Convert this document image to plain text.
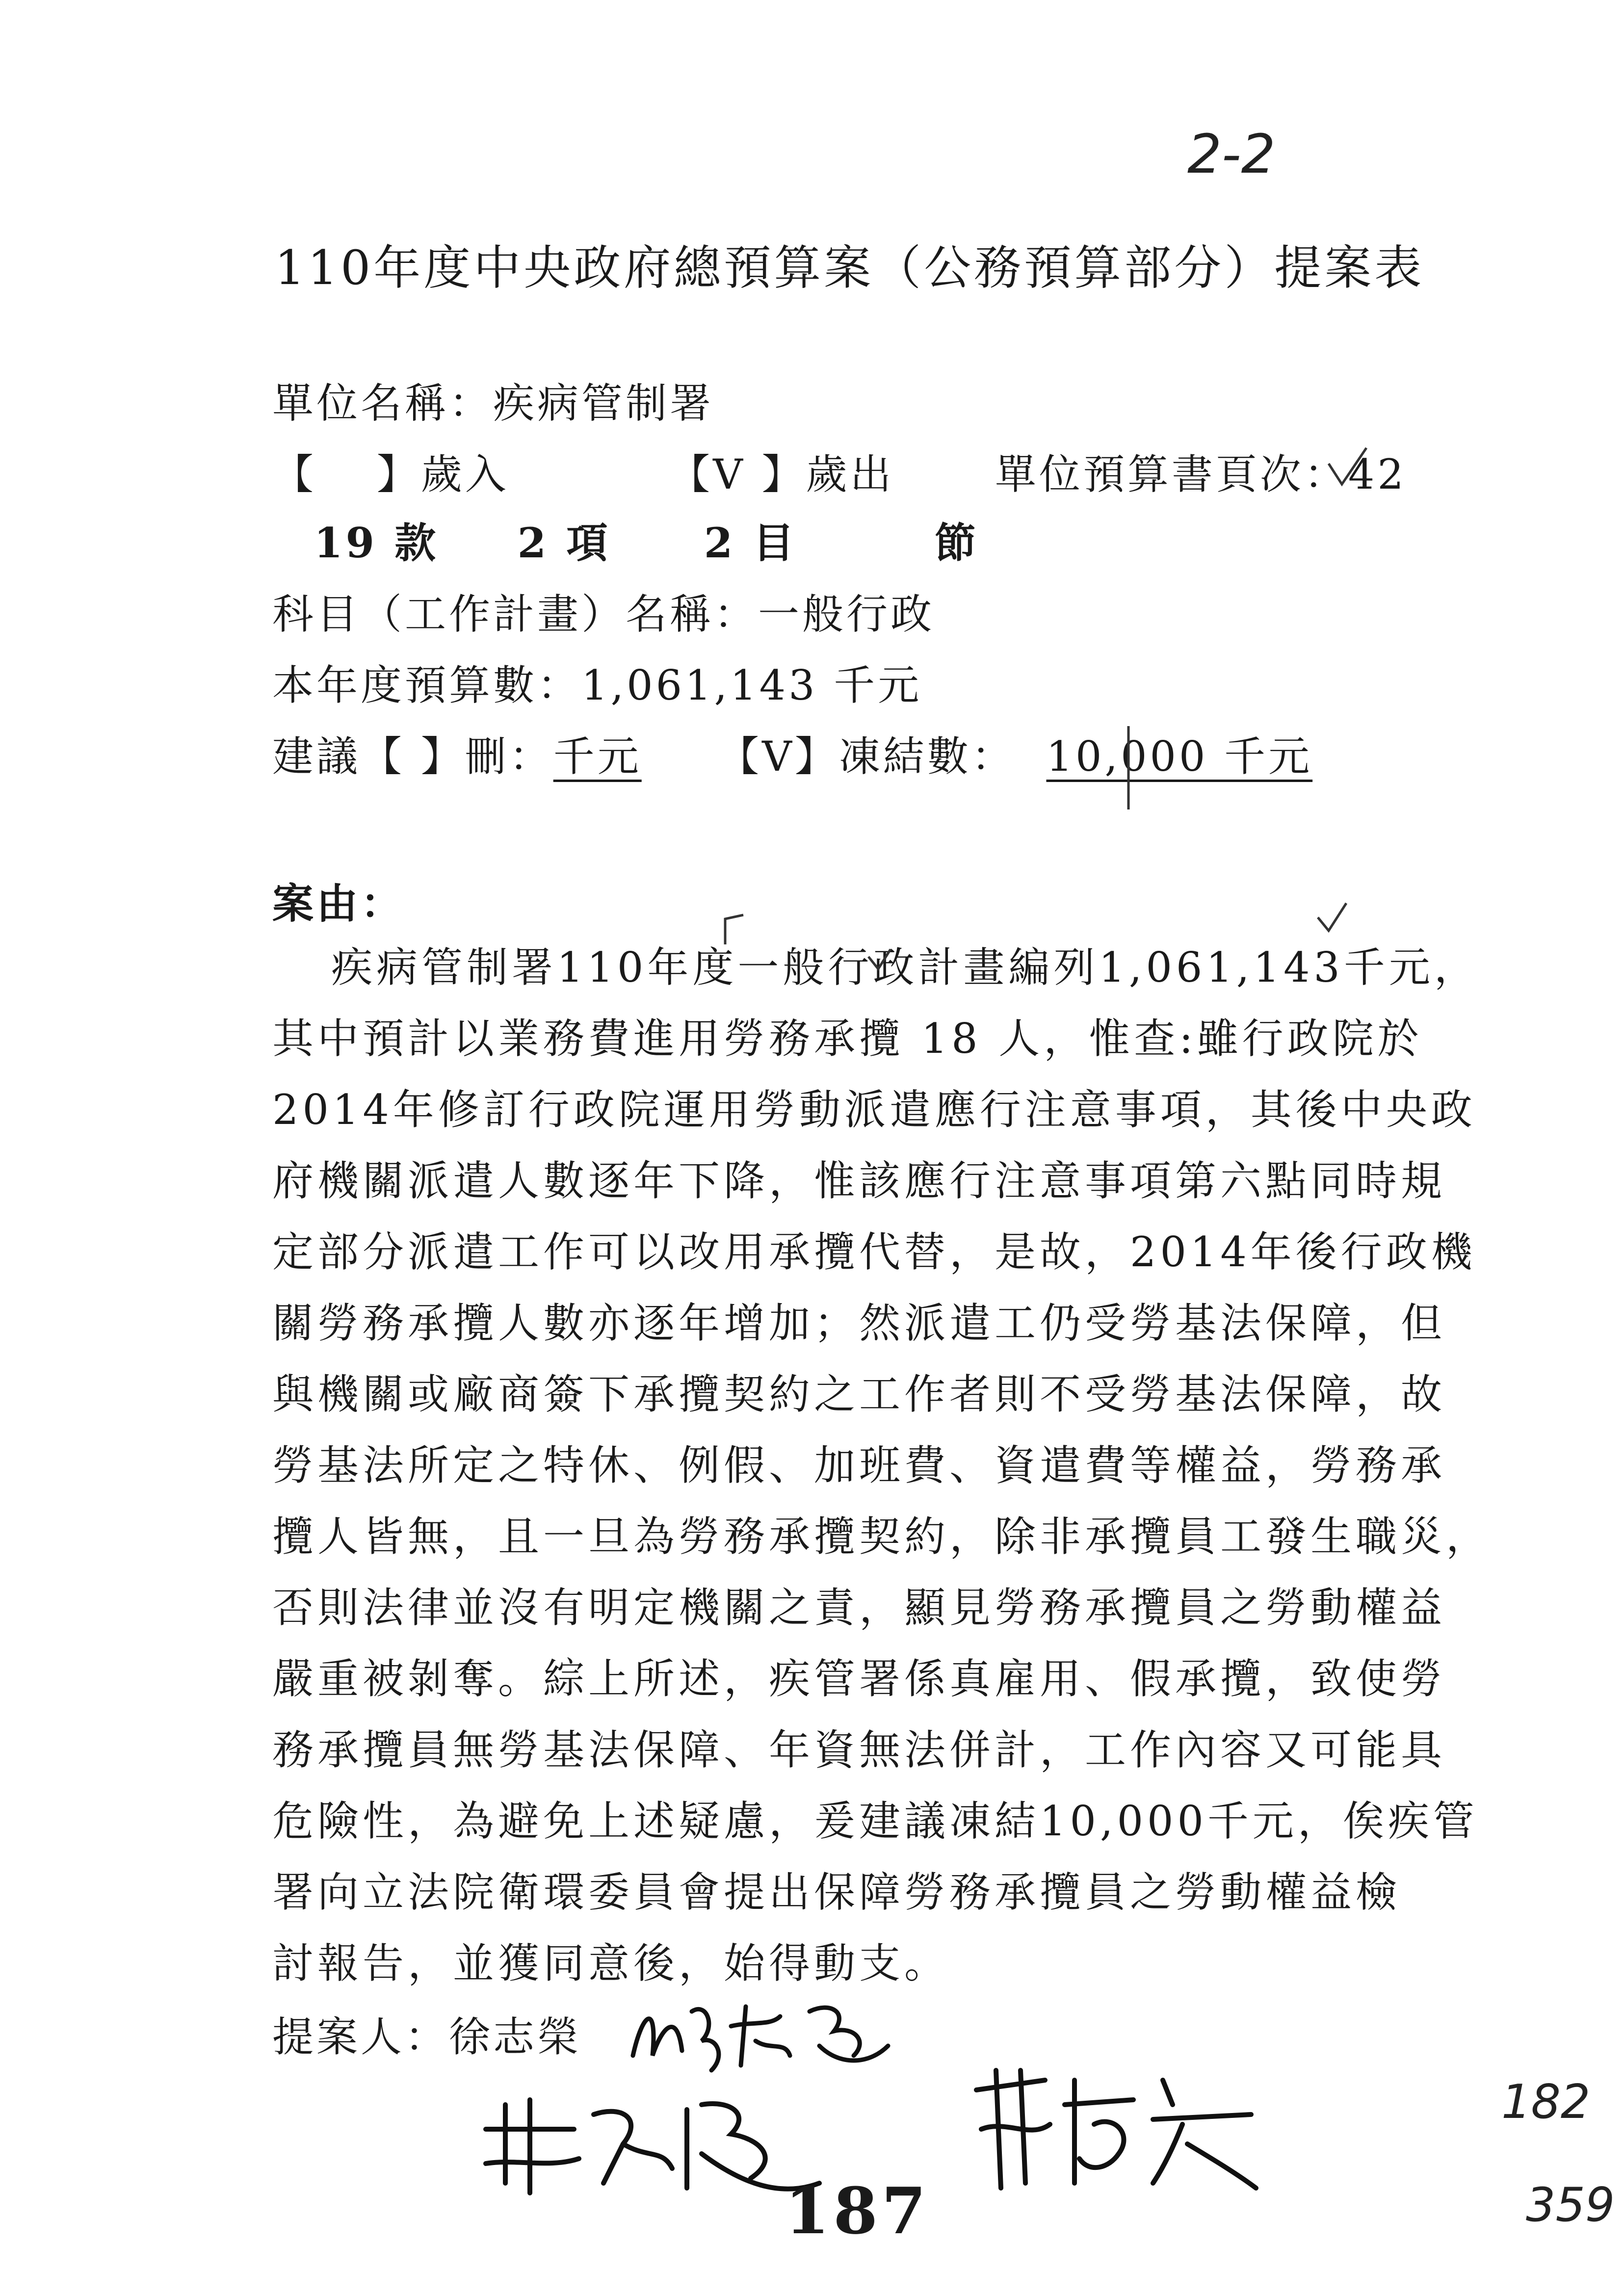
2-2
110年度中央政府總預算案（公務預算部分）提案表
單位名稱：疾病管制署
【　 】歲入	【V 】歲出 單位預算書頁次：42
19 款 2 項 2 目	節
科目（工作計畫）名稱：一般行政
本年度預算數：1,061,143 千元
建議【 】刪：千元 【V】凍結數： 10,000 千元
案由：
疾病管制署110年度一般行政計畫編列1,061,143千元，
其中預計以業務費進用勞務承攬 18 人，惟查:雖行政院於
2014年修訂行政院運用勞動派遣應行注意事項，其後中央政
府機關派遣人數逐年下降，惟該應行注意事項第六點同時規
定部分派遣工作可以改用承攬代替，是故，2014年後行政機
關勞務承攬人數亦逐年增加；然派遣工仍受勞基法保障，但
與機關或廠商簽下承攬契約之工作者則不受勞基法保障，故
勞基法所定之特休、例假、加班費、資遣費等權益，勞務承
攬人皆無，且一旦為勞務承攬契約，除非承攬員工發生職災，
否則法律並沒有明定機關之責，顯見勞務承攬員之勞動權益
嚴重被剝奪。綜上所述，疾管署係真雇用、假承攬，致使勞
務承攬員無勞基法保障、年資無法併計，工作內容又可能具
危險性，為避免上述疑慮，爰建議凍結10,000千元，俟疾管
署向立法院衛環委員會提出保障勞務承攬員之勞動權益檢
討報告，並獲同意後，始得動支。
提案人：徐志榮
187
182
359
